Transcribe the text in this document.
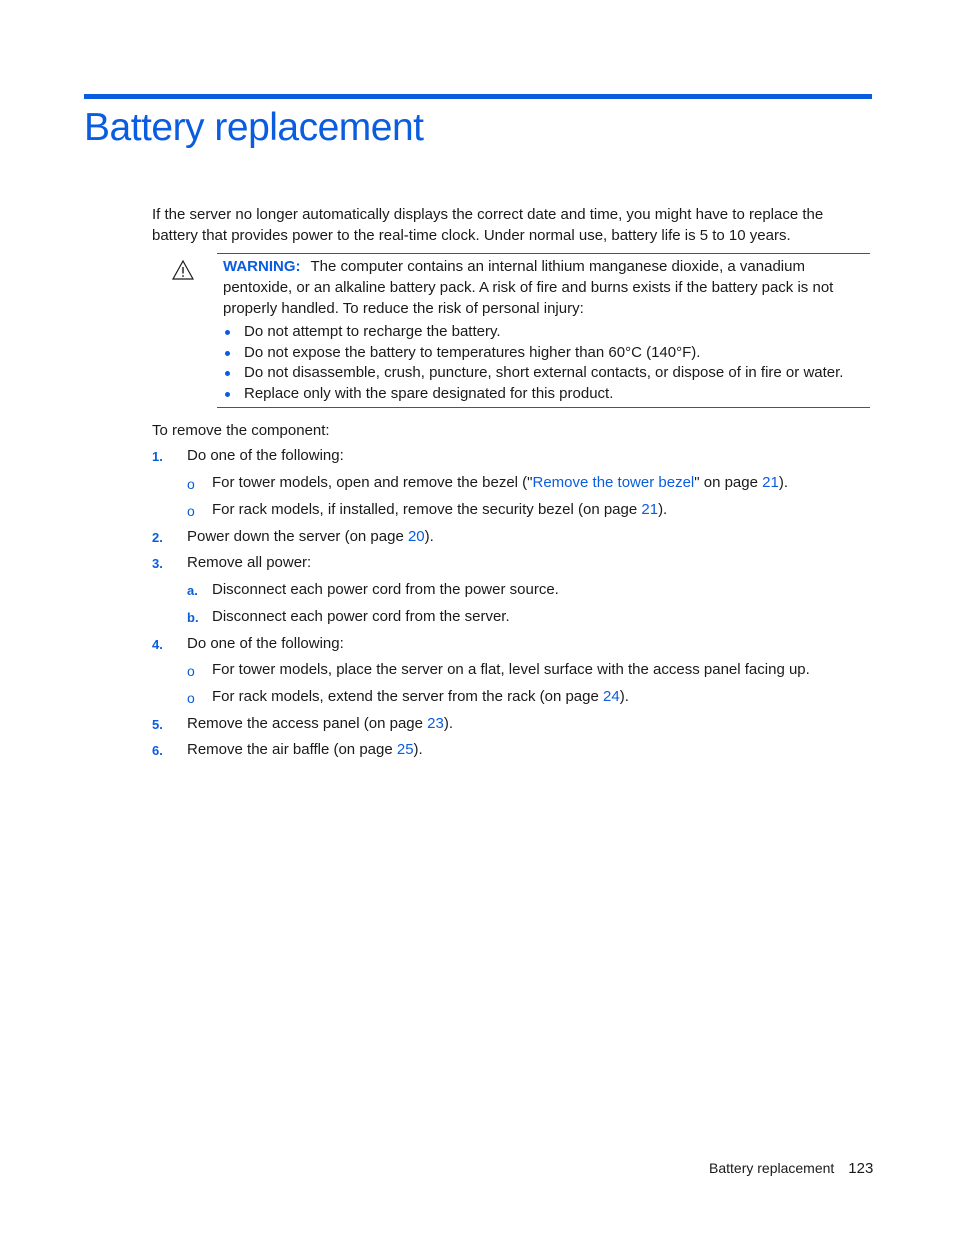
Battery replacement

If the server no longer automatically displays the correct date and time, you might have to replace the battery that provides power to the real-time clock. Under normal use, battery life is 5 to 10 years.

WARNING: The computer contains an internal lithium manganese dioxide, a vanadium pentoxide, or an alkaline battery pack. A risk of fire and burns exists if the battery pack is not properly handled. To reduce the risk of personal injury:

Do not attempt to recharge the battery.
Do not expose the battery to temperatures higher than 60°C (140°F).
Do not disassemble, crush, puncture, short external contacts, or dispose of in fire or water.
Replace only with the spare designated for this product.

To remove the component:

1. Do one of the following:

o For tower models, open and remove the bezel ("Remove the tower bezel" on page 21).

o For rack models, if installed, remove the security bezel (on page 21).

2. Power down the server (on page 20).

3. Remove all power:

a. Disconnect each power cord from the power source.

b. Disconnect each power cord from the server.

4. Do one of the following:

o For tower models, place the server on a flat, level surface with the access panel facing up.

o For rack models, extend the server from the rack (on page 24).

5. Remove the access panel (on page 23).

6. Remove the air baffle (on page 25).

Battery replacement 123
